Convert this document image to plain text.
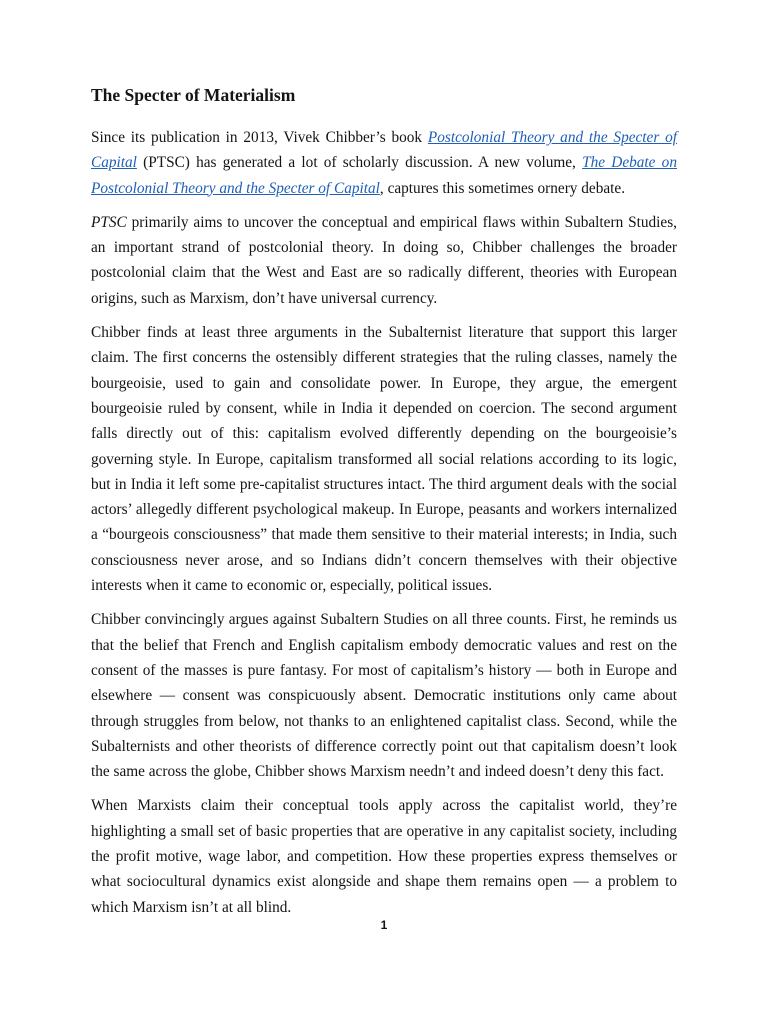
The Specter of Materialism

Since its publication in 2013, Vivek Chibber’s book Postcolonial Theory and the Specter of Capital (PTSC) has generated a lot of scholarly discussion. A new volume, The Debate on Postcolonial Theory and the Specter of Capital, captures this sometimes ornery debate.

PTSC primarily aims to uncover the conceptual and empirical flaws within Subaltern Studies, an important strand of postcolonial theory. In doing so, Chibber challenges the broader postcolonial claim that the West and East are so radically different, theories with European origins, such as Marxism, don’t have universal currency.

Chibber finds at least three arguments in the Subalternist literature that support this larger claim. The first concerns the ostensibly different strategies that the ruling classes, namely the bourgeoisie, used to gain and consolidate power. In Europe, they argue, the emergent bourgeoisie ruled by consent, while in India it depended on coercion. The second argument falls directly out of this: capitalism evolved differently depending on the bourgeoisie’s governing style. In Europe, capitalism transformed all social relations according to its logic, but in India it left some pre-capitalist structures intact. The third argument deals with the social actors’ allegedly different psychological makeup. In Europe, peasants and workers internalized a “bourgeois consciousness” that made them sensitive to their material interests; in India, such consciousness never arose, and so Indians didn’t concern themselves with their objective interests when it came to economic or, especially, political issues.

Chibber convincingly argues against Subaltern Studies on all three counts. First, he reminds us that the belief that French and English capitalism embody democratic values and rest on the consent of the masses is pure fantasy. For most of capitalism’s history — both in Europe and elsewhere — consent was conspicuously absent. Democratic institutions only came about through struggles from below, not thanks to an enlightened capitalist class. Second, while the Subalternists and other theorists of difference correctly point out that capitalism doesn’t look the same across the globe, Chibber shows Marxism needn’t and indeed doesn’t deny this fact.

When Marxists claim their conceptual tools apply across the capitalist world, they’re highlighting a small set of basic properties that are operative in any capitalist society, including the profit motive, wage labor, and competition. How these properties express themselves or what sociocultural dynamics exist alongside and shape them remains open — a problem to which Marxism isn’t at all blind.

1
